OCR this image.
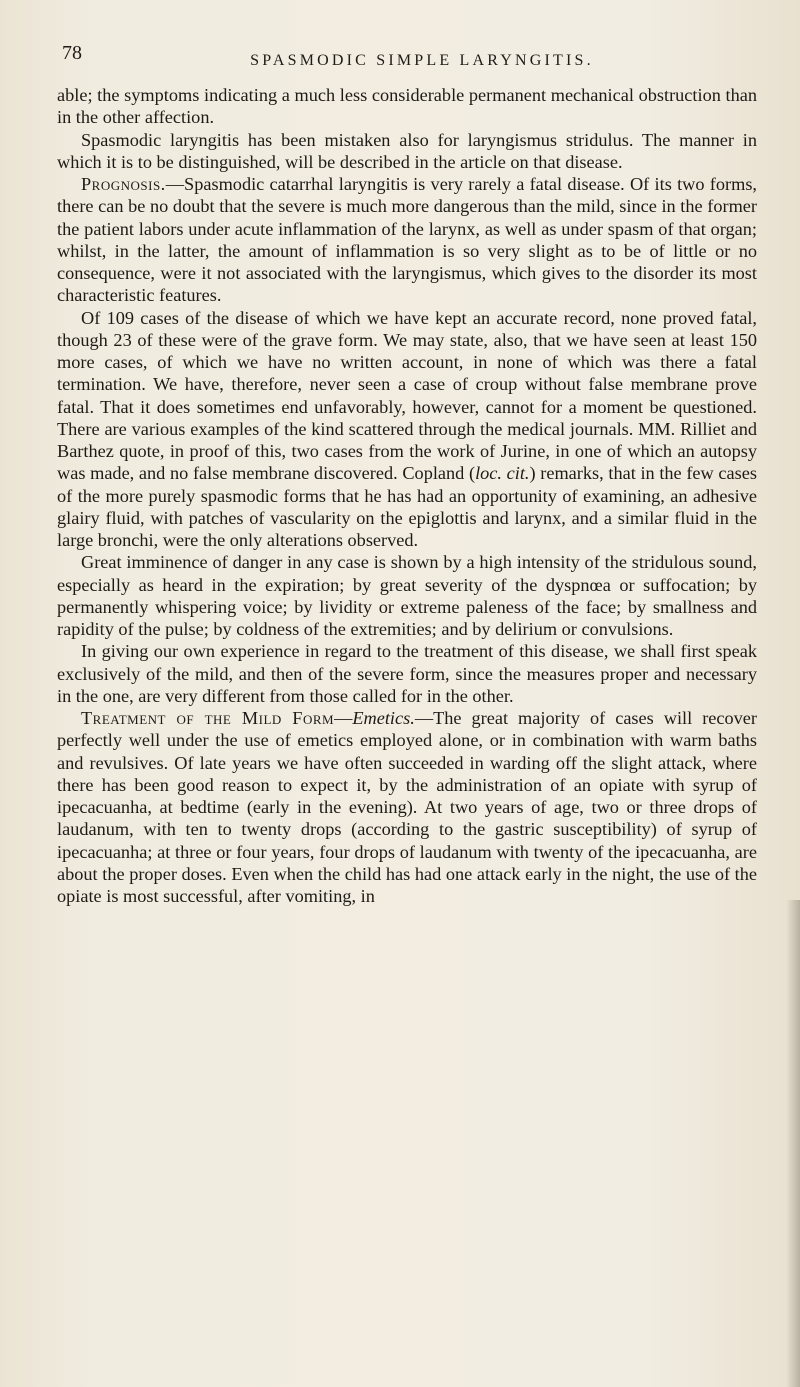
78	SPASMODIC SIMPLE LARYNGITIS.

able; the symptoms indicating a much less considerable permanent mechanical obstruction than in the other affection.

Spasmodic laryngitis has been mistaken also for laryngismus stridulus. The manner in which it is to be distinguished, will be described in the article on that disease.

Prognosis.—Spasmodic catarrhal laryngitis is very rarely a fatal disease. Of its two forms, there can be no doubt that the severe is much more dangerous than the mild, since in the former the patient labors under acute inflammation of the larynx, as well as under spasm of that organ; whilst, in the latter, the amount of inflammation is so very slight as to be of little or no consequence, were it not associated with the laryngismus, which gives to the disorder its most characteristic features.

Of 109 cases of the disease of which we have kept an accurate record, none proved fatal, though 23 of these were of the grave form. We may state, also, that we have seen at least 150 more cases, of which we have no written account, in none of which was there a fatal termination. We have, therefore, never seen a case of croup without false membrane prove fatal. That it does sometimes end unfavorably, however, cannot for a moment be questioned. There are various examples of the kind scattered through the medical journals. MM. Rilliet and Barthez quote, in proof of this, two cases from the work of Jurine, in one of which an autopsy was made, and no false membrane discovered. Copland (loc. cit.) remarks, that in the few cases of the more purely spasmodic forms that he has had an opportunity of examining, an adhesive glairy fluid, with patches of vascularity on the epiglottis and larynx, and a similar fluid in the large bronchi, were the only alterations observed.

Great imminence of danger in any case is shown by a high intensity of the stridulous sound, especially as heard in the expiration; by great severity of the dyspnœa or suffocation; by permanently whispering voice; by lividity or extreme paleness of the face; by smallness and rapidity of the pulse; by coldness of the extremities; and by delirium or convulsions.

In giving our own experience in regard to the treatment of this disease, we shall first speak exclusively of the mild, and then of the severe form, since the measures proper and necessary in the one, are very different from those called for in the other.

Treatment of the Mild Form—Emetics.—The great majority of cases will recover perfectly well under the use of emetics employed alone, or in combination with warm baths and revulsives. Of late years we have often succeeded in warding off the slight attack, where there has been good reason to expect it, by the administration of an opiate with syrup of ipecacuanha, at bedtime (early in the evening). At two years of age, two or three drops of laudanum, with ten to twenty drops (according to the gastric susceptibility) of syrup of ipecacuanha; at three or four years, four drops of laudanum with twenty of the ipecacuanha, are about the proper doses. Even when the child has had one attack early in the night, the use of the opiate is most successful, after vomiting, in
